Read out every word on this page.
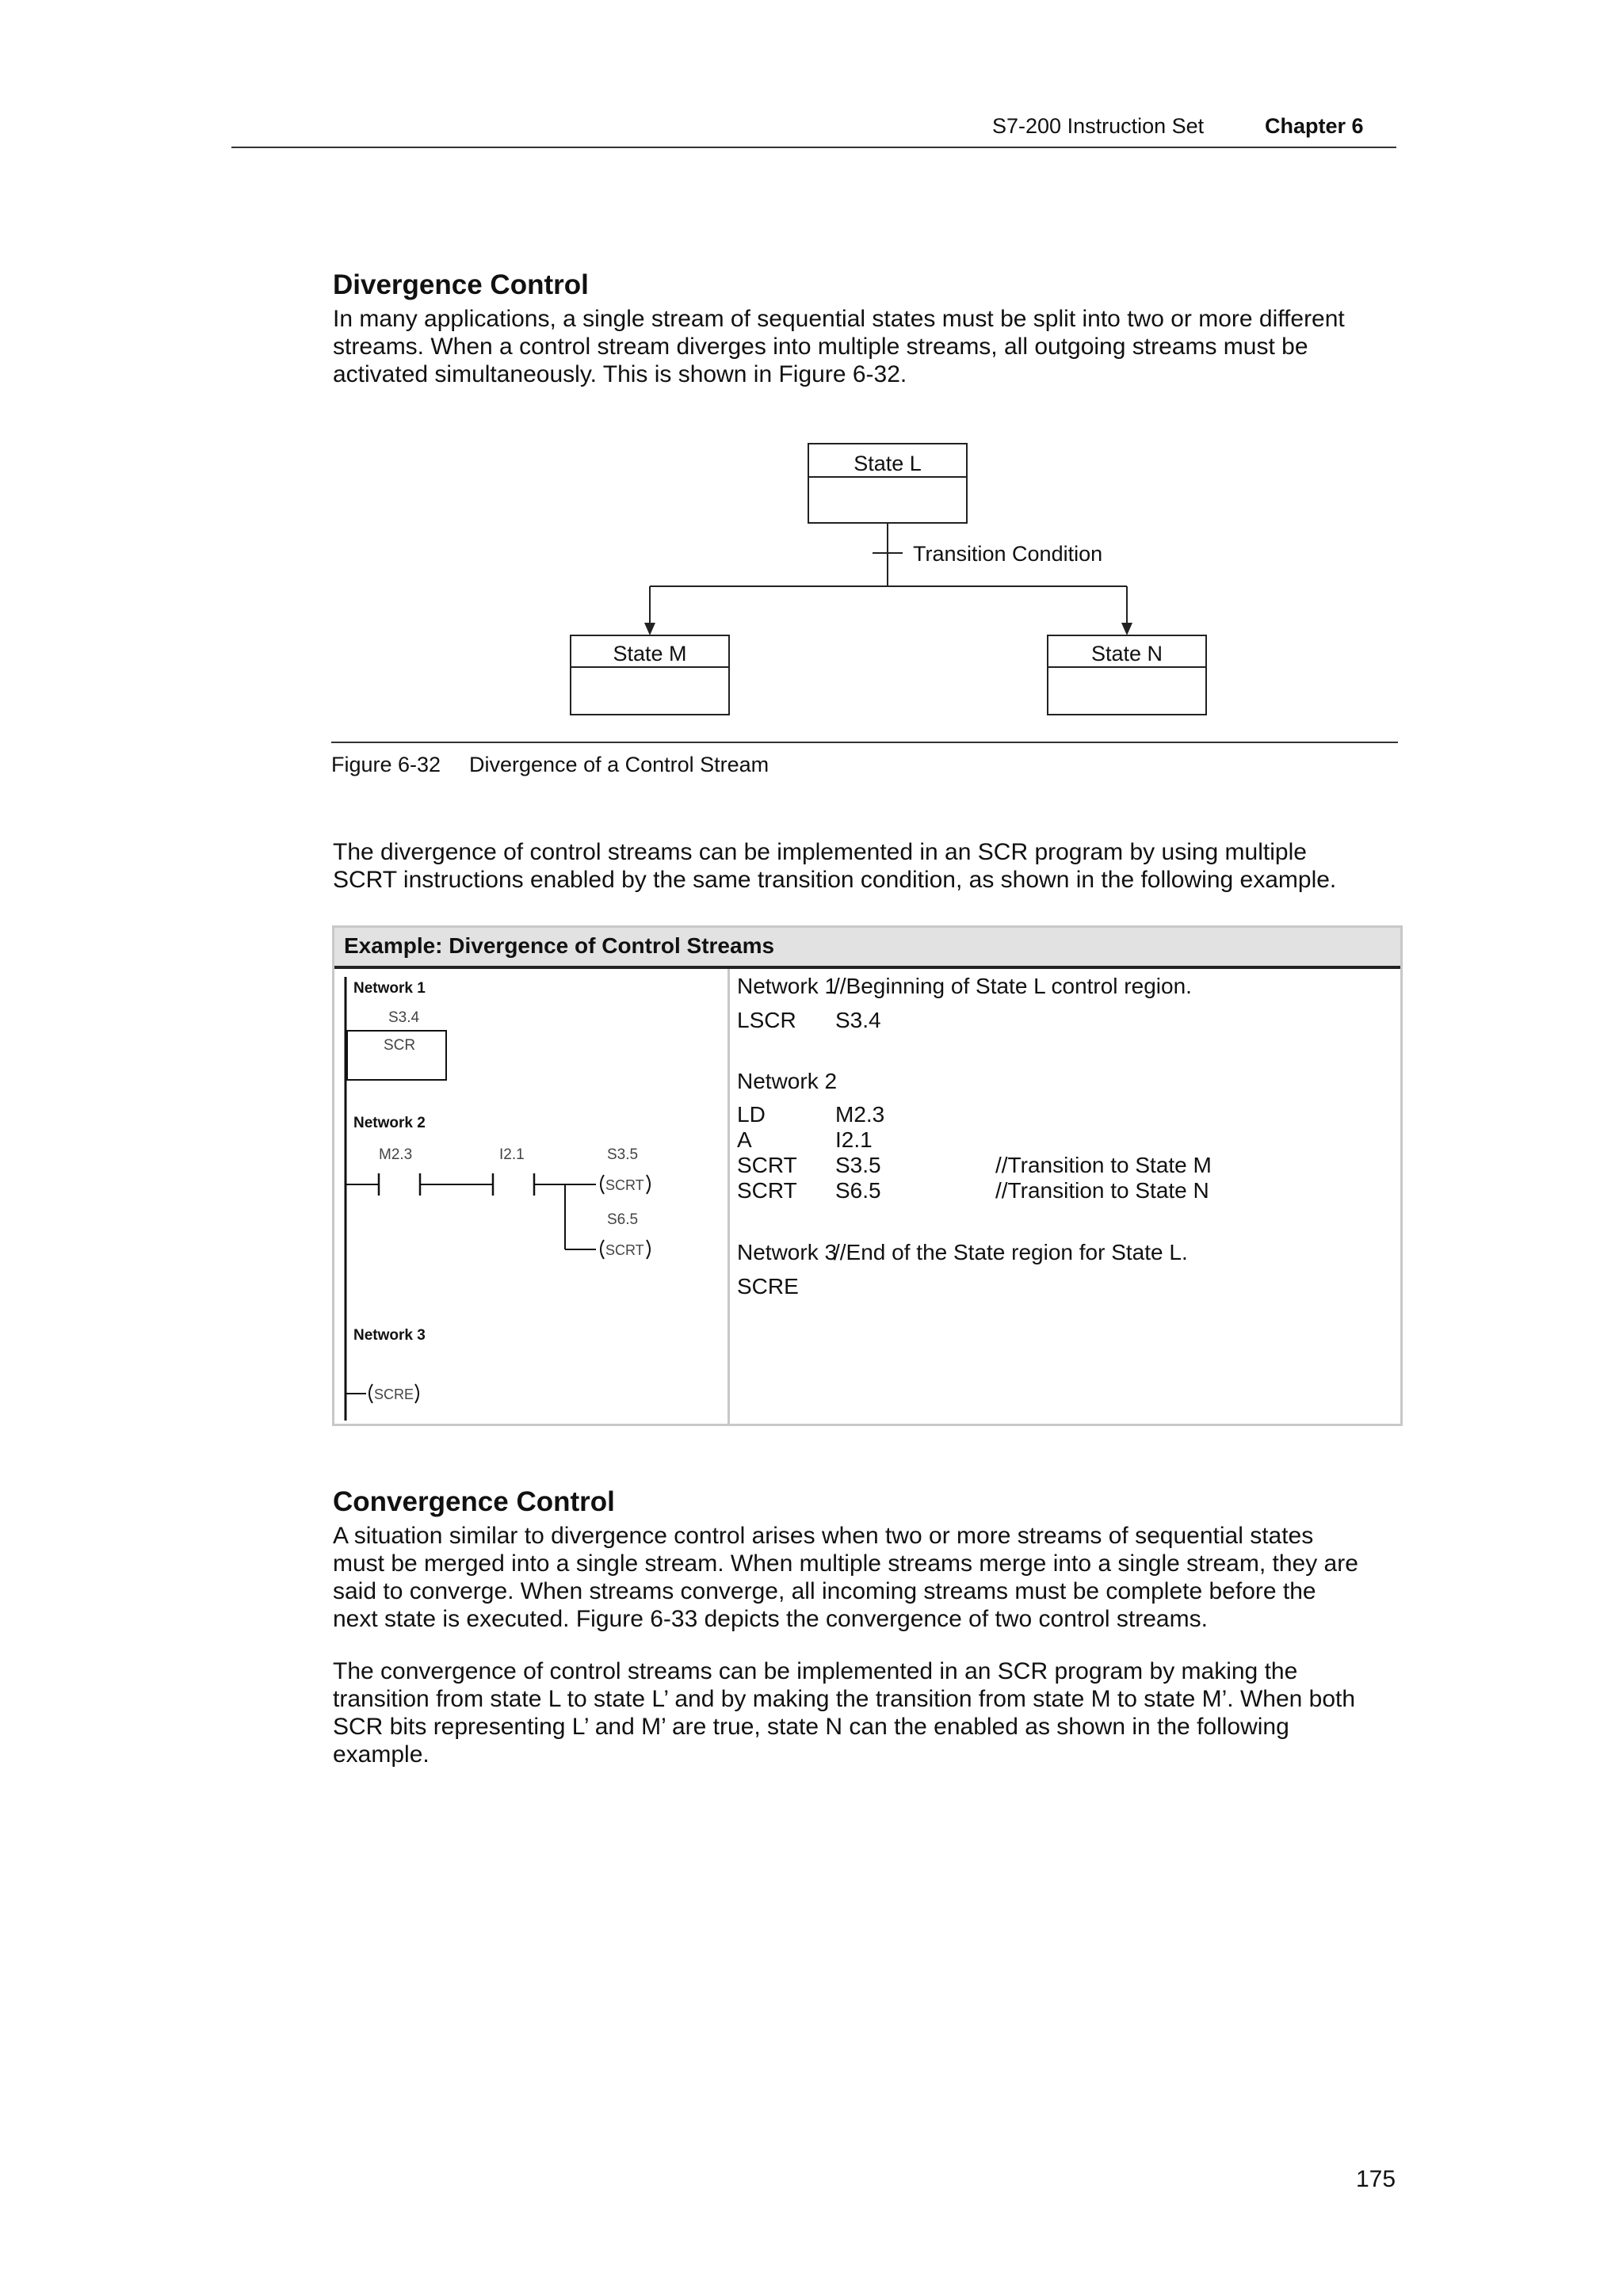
S7-200 Instruction Set	Chapter 6
Divergence Control

In many applications, a single stream of sequential states must be split into two or more different
streams. When a control stream diverges into multiple streams, all outgoing streams must be
activated simultaneously. This is shown in Figure 6-32.

State L
Transition Condition
State M	State N
Figure 6-32 Divergence of a Control Stream

The divergence of control streams can be implemented in an SCR program by using multiple
SCRT instructions enabled by the same transition condition, as shown in the following example.

Example: Divergence of Control Streams
Network 1
S3.4
SCR
Network 2
M2.3	I2.1	S3.5
SCRT
S6.5
SCRT
Network 3
SCRE
Network 1
//Beginning of State L control region.
LSCR S3.4
Network 2
LD	M2.3
A	I2.1
SCRT S3.5	//Transition to State M
SCRT S6.5	//Transition to State N
Network 3
//End of the State region for State L.
SCRE
Convergence Control

A situation similar to divergence control arises when two or more streams of sequential states
must be merged into a single stream. When multiple streams merge into a single stream, they are
said to converge. When streams converge, all incoming streams must be complete before the
next state is executed. Figure 6-33 depicts the convergence of two control streams.

The convergence of control streams can be implemented in an SCR program by making the
transition from state L to state L’ and by making the transition from state M to state M’. When both
SCR bits representing L’ and M’ are true, state N can the enabled as shown in the following
example.

175
